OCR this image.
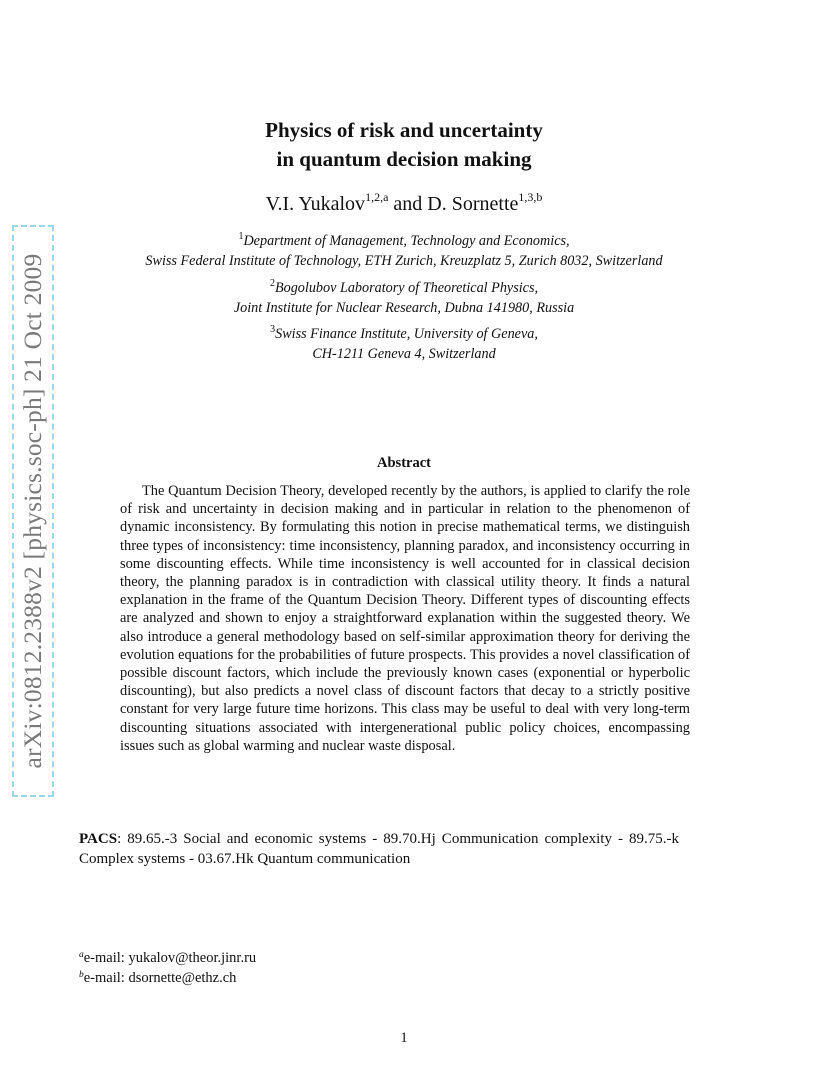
arXiv:0812.2388v2 [physics.soc-ph] 21 Oct 2009
Physics of risk and uncertainty
in quantum decision making
V.I. Yukalov$^{1,2,a}$ and D. Sornette$^{1,3,b}$
$^1$Department of Management, Technology and Economics,
Swiss Federal Institute of Technology, ETH Zurich, Kreuzplatz 5, Zurich 8032, Switzerland
$^2$Bogolubov Laboratory of Theoretical Physics,
Joint Institute for Nuclear Research, Dubna 141980, Russia
$^3$Swiss Finance Institute, University of Geneva,
CH-1211 Geneva 4, Switzerland
Abstract

The Quantum Decision Theory, developed recently by the authors, is applied to clarify the role of risk and uncertainty in decision making and in particular in relation to the phenomenon of dynamic inconsistency. By formulating this notion in precise mathematical terms, we distinguish three types of inconsistency: time inconsistency, planning paradox, and inconsistency occurring in some discounting effects. While time inconsistency is well accounted for in classical decision theory, the planning paradox is in contradiction with classical utility theory. It finds a natural explanation in the frame of the Quantum Decision Theory. Different types of discounting effects are analyzed and shown to enjoy a straightforward explanation within the suggested theory. We also introduce a general methodology based on self-similar approximation theory for deriving the evolution equations for the probabilities of future prospects. This provides a novel classification of possible discount factors, which include the previously known cases (exponential or hyperbolic discounting), but also predicts a novel class of discount factors that decay to a strictly positive constant for very large future time horizons. This class may be useful to deal with very long-term discounting situations associated with intergenerational public policy choices, encompassing issues such as global warming and nuclear waste disposal.

PACS: 89.65.-3 Social and economic systems - 89.70.Hj Communication complexity - 89.75.-k Complex systems - 03.67.Hk Quantum communication

$^a$e-mail: yukalov@theor.jinr.ru
$^b$e-mail: dsornette@ethz.ch
1
